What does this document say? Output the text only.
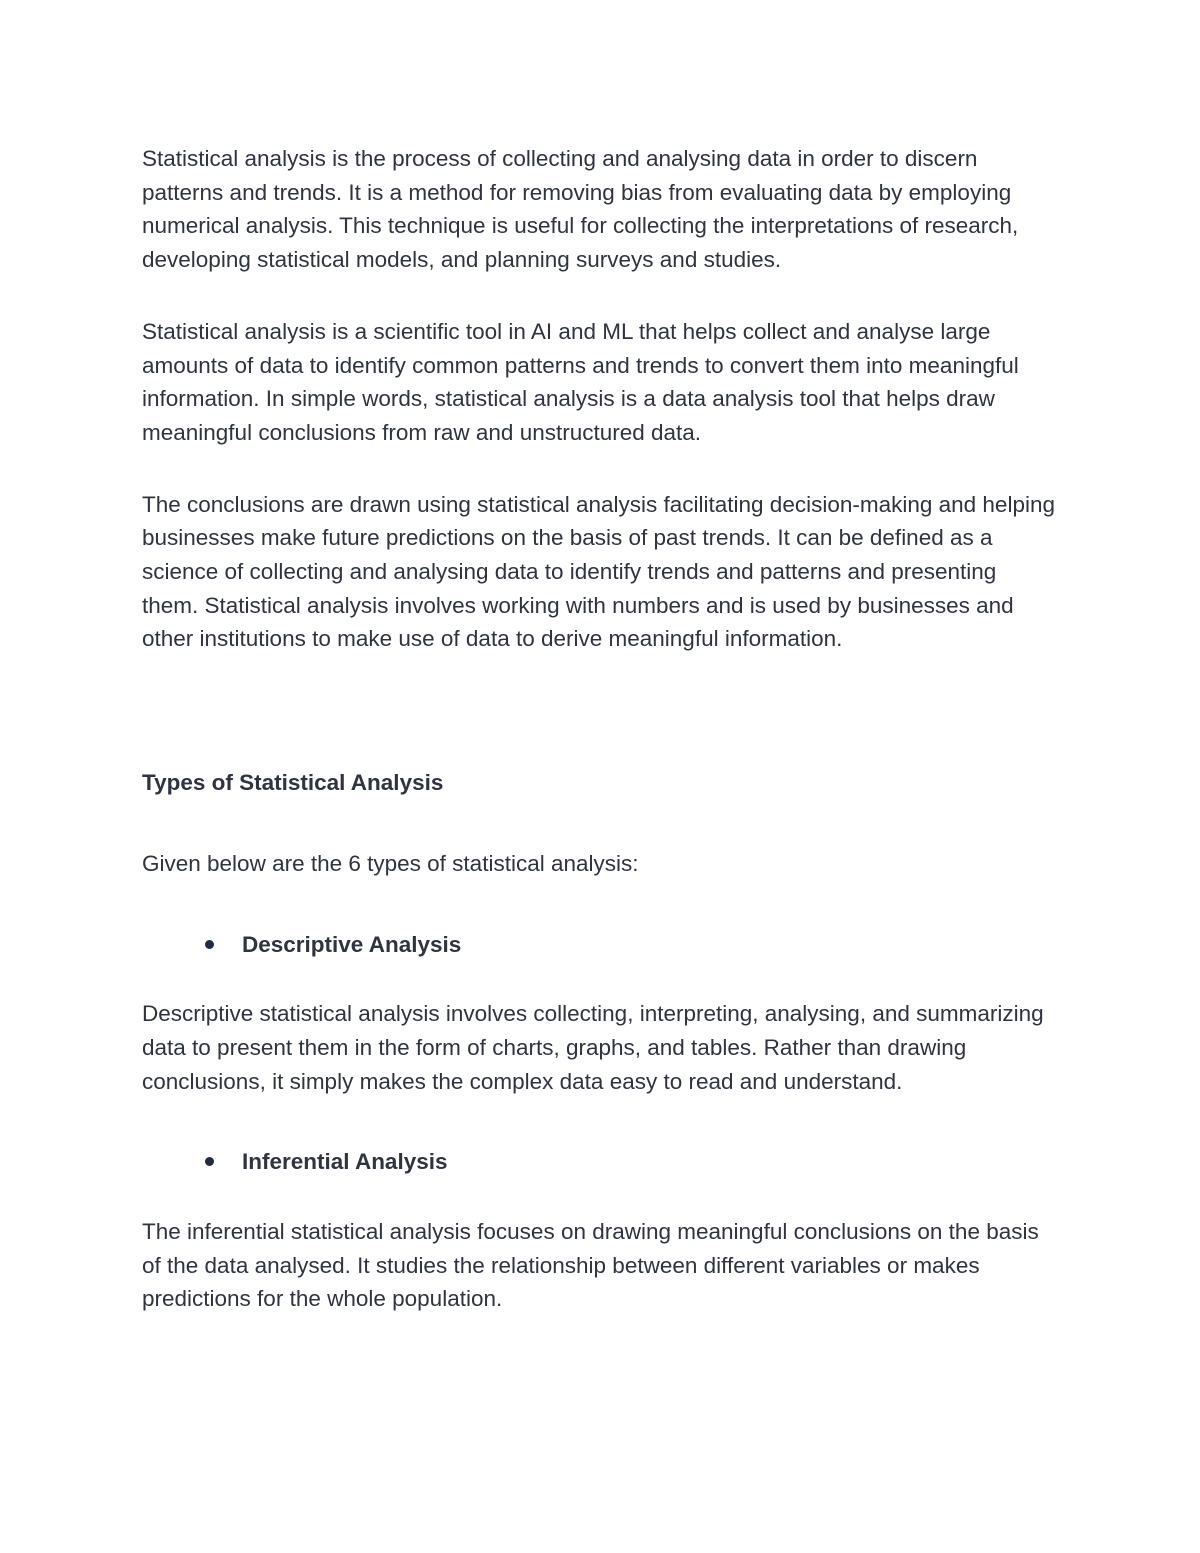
Statistical analysis is the process of collecting and analysing data in order to discern patterns and trends. It is a method for removing bias from evaluating data by employing numerical analysis. This technique is useful for collecting the interpretations of research, developing statistical models, and planning surveys and studies.

Statistical analysis is a scientific tool in AI and ML that helps collect and analyse large amounts of data to identify common patterns and trends to convert them into meaningful information. In simple words, statistical analysis is a data analysis tool that helps draw meaningful conclusions from raw and unstructured data.

The conclusions are drawn using statistical analysis facilitating decision-making and helping businesses make future predictions on the basis of past trends. It can be defined as a science of collecting and analysing data to identify trends and patterns and presenting them. Statistical analysis involves working with numbers and is used by businesses and other institutions to make use of data to derive meaningful information.

Types of Statistical Analysis

Given below are the 6 types of statistical analysis:

Descriptive Analysis

Descriptive statistical analysis involves collecting, interpreting, analysing, and summarizing data to present them in the form of charts, graphs, and tables. Rather than drawing conclusions, it simply makes the complex data easy to read and understand.

Inferential Analysis

The inferential statistical analysis focuses on drawing meaningful conclusions on the basis of the data analysed. It studies the relationship between different variables or makes predictions for the whole population.
